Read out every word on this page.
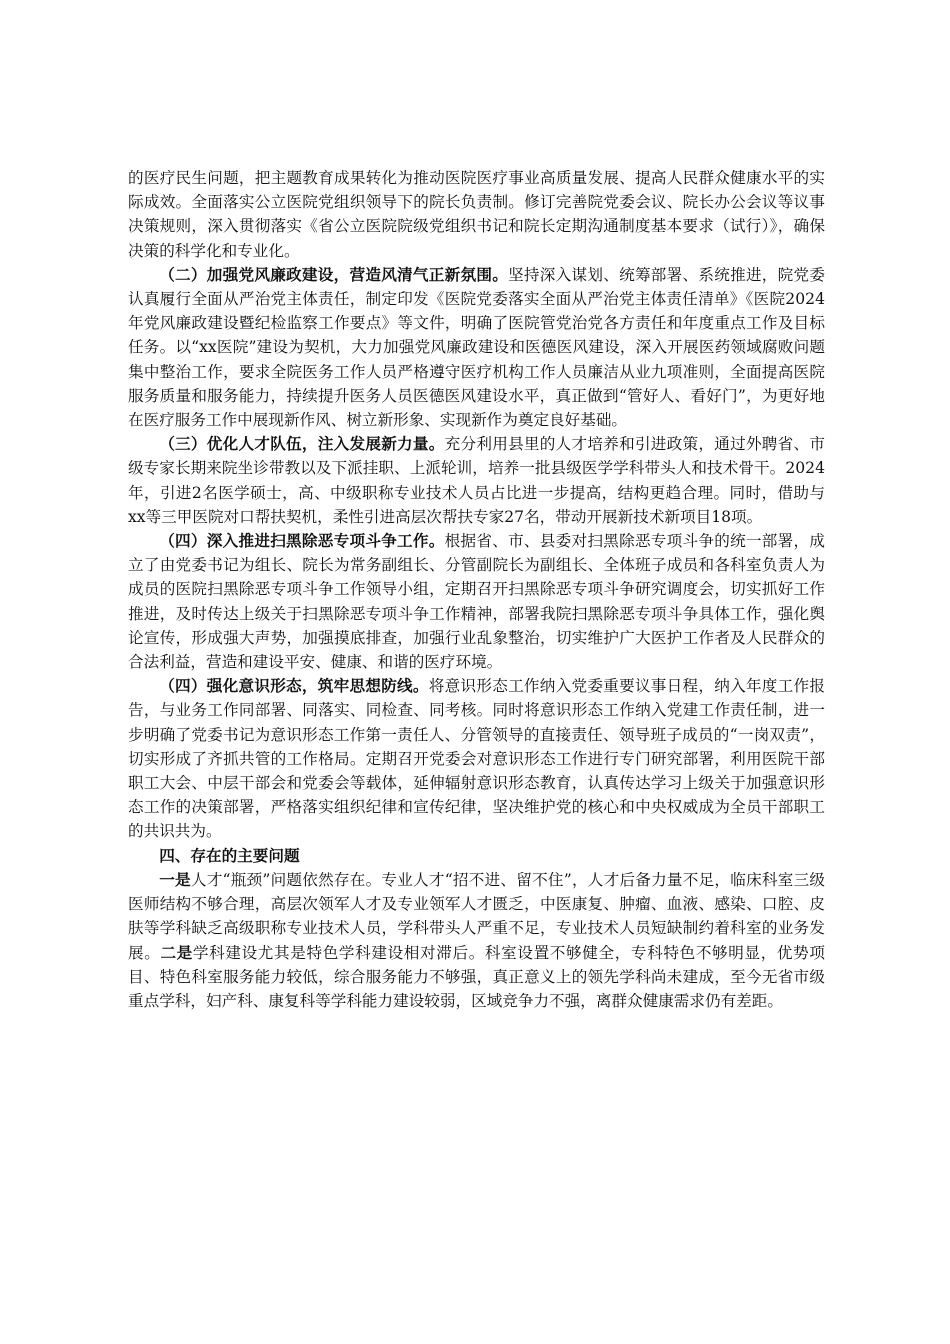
的医疗民生问题，把主题教育成果转化为推动医院医疗事业高质量发展、提高人民群众健康水平的实际成效。全面落实公立医院党组织领导下的院长负责制。修订完善院党委会议、院长办公会议等议事决策规则，深入贯彻落实《省公立医院院级党组织书记和院长定期沟通制度基本要求（试行）》，确保决策的科学化和专业化。

（二）加强党风廉政建设，营造风清气正新氛围。坚持深入谋划、统筹部署、系统推进，院党委认真履行全面从严治党主体责任，制定印发《医院党委落实全面从严治党主体责任清单》《医院2024年党风廉政建设暨纪检监察工作要点》等文件，明确了医院管党治党各方责任和年度重点工作及目标任务。以“xx医院”建设为契机，大力加强党风廉政建设和医德医风建设，深入开展医药领域腐败问题集中整治工作，要求全院医务工作人员严格遵守医疗机构工作人员廉洁从业九项准则，全面提高医院服务质量和服务能力，持续提升医务人员医德医风建设水平，真正做到“管好人、看好门”，为更好地在医疗服务工作中展现新作风、树立新形象、实现新作为奠定良好基础。

（三）优化人才队伍，注入发展新力量。充分利用县里的人才培养和引进政策，通过外聘省、市级专家长期来院坐诊带教以及下派挂职、上派轮训，培养一批县级医学学科带头人和技术骨干。2024年，引进2名医学硕士，高、中级职称专业技术人员占比进一步提高，结构更趋合理。同时，借助与xx等三甲医院对口帮扶契机，柔性引进高层次帮扶专家27名，带动开展新技术新项目18项。

（四）深入推进扫黑除恶专项斗争工作。根据省、市、县委对扫黑除恶专项斗争的统一部署，成立了由党委书记为组长、院长为常务副组长、分管副院长为副组长、全体班子成员和各科室负责人为成员的医院扫黑除恶专项斗争工作领导小组，定期召开扫黑除恶专项斗争研究调度会，切实抓好工作推进，及时传达上级关于扫黑除恶专项斗争工作精神，部署我院扫黑除恶专项斗争具体工作，强化舆论宣传，形成强大声势，加强摸底排查，加强行业乱象整治，切实维护广大医护工作者及人民群众的合法利益，营造和建设平安、健康、和谐的医疗环境。

（四）强化意识形态，筑牢思想防线。将意识形态工作纳入党委重要议事日程，纳入年度工作报告，与业务工作同部署、同落实、同检查、同考核。同时将意识形态工作纳入党建工作责任制，进一步明确了党委书记为意识形态工作第一责任人、分管领导的直接责任、领导班子成员的“一岗双责”，切实形成了齐抓共管的工作格局。定期召开党委会对意识形态工作进行专门研究部署，利用医院干部职工大会、中层干部会和党委会等载体，延伸辐射意识形态教育，认真传达学习上级关于加强意识形态工作的决策部署，严格落实组织纪律和宣传纪律，坚决维护党的核心和中央权威成为全员干部职工的共识共为。

四、存在的主要问题

一是人才“瓶颈”问题依然存在。专业人才“招不进、留不住”，人才后备力量不足，临床科室三级医师结构不够合理，高层次领军人才及专业领军人才匮乏，中医康复、肿瘤、血液、感染、口腔、皮肤等学科缺乏高级职称专业技术人员，学科带头人严重不足，专业技术人员短缺制约着科室的业务发展。二是学科建设尤其是特色学科建设相对滞后。科室设置不够健全，专科特色不够明显，优势项目、特色科室服务能力较低，综合服务能力不够强，真正意义上的领先学科尚未建成，至今无省市级重点学科，妇产科、康复科等学科能力建设较弱，区域竞争力不强，离群众健康需求仍有差距。
